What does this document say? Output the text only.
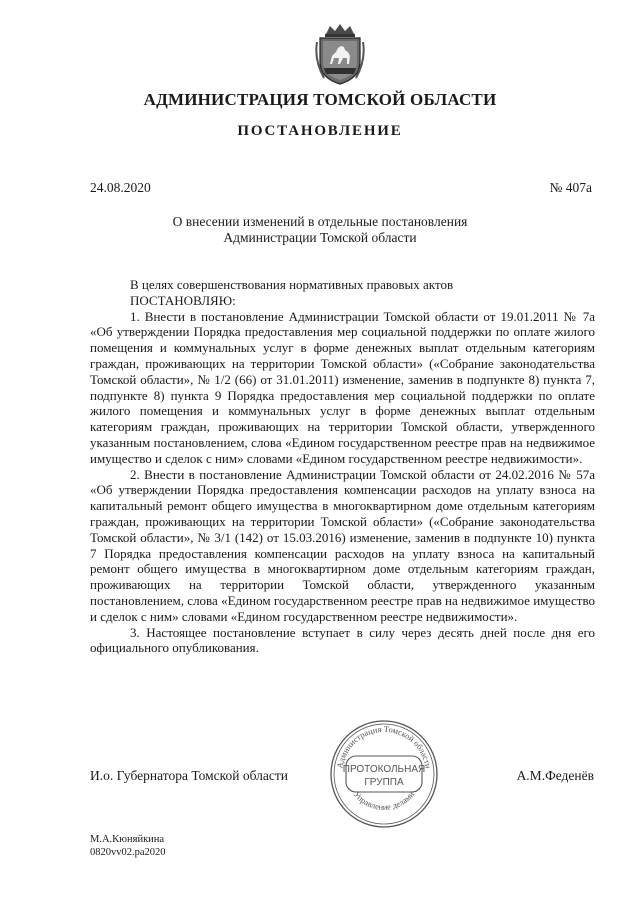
АДМИНИСТРАЦИЯ ТОМСКОЙ ОБЛАСТИ
ПОСТАНОВЛЕНИЕ
24.08.2020	№ 407а
О внесении изменений в отдельные постановления
Администрации Томской области

В целях совершенствования нормативных правовых актов

ПОСТАНОВЛЯЮ:

1. Внести в постановление Администрации Томской области от 19.01.2011 № 7а «Об утверждении Порядка предоставления мер социальной поддержки по оплате жилого помещения и коммунальных услуг в форме денежных выплат отдельным категориям граждан, проживающих на территории Томской области» («Собрание законодательства Томской области», № 1/2 (66) от 31.01.2011) изменение, заменив в подпункте 8) пункта 7, подпункте 8) пункта 9 Порядка предоставления мер социальной поддержки по оплате жилого помещения и коммунальных услуг в форме денежных выплат отдельным категориям граждан, проживающих на территории Томской области, утвержденного указанным постановлением, слова «Едином государственном реестре прав на недвижимое имущество и сделок с ним» словами «Едином государственном реестре недвижимости».

2. Внести в постановление Администрации Томской области от 24.02.2016 № 57а «Об утверждении Порядка предоставления компенсации расходов на уплату взноса на капитальный ремонт общего имущества в многоквартирном доме отдельным категориям граждан, проживающих на территории Томской области» («Собрание законодательства Томской области», № 3/1 (142) от 15.03.2016) изменение, заменив в подпункте 10) пункта 7 Порядка предоставления компенсации расходов на уплату взноса на капитальный ремонт общего имущества в многоквартирном доме отдельным категориям граждан, проживающих на территории Томской области, утвержденного указанным постановлением, слова «Едином государственном реестре прав на недвижимое имущество и сделок с ним» словами «Едином государственном реестре недвижимости».

3. Настоящее постановление вступает в силу через десять дней после дня его официального опубликования.

И.о. Губернатора Томской области	А.М.Феденёв
Администрация Томской области
Управление делами
ПРОТОКОЛЬНАЯ
ГРУППА
М.А.Кюняйкина
0820vv02.ра2020
